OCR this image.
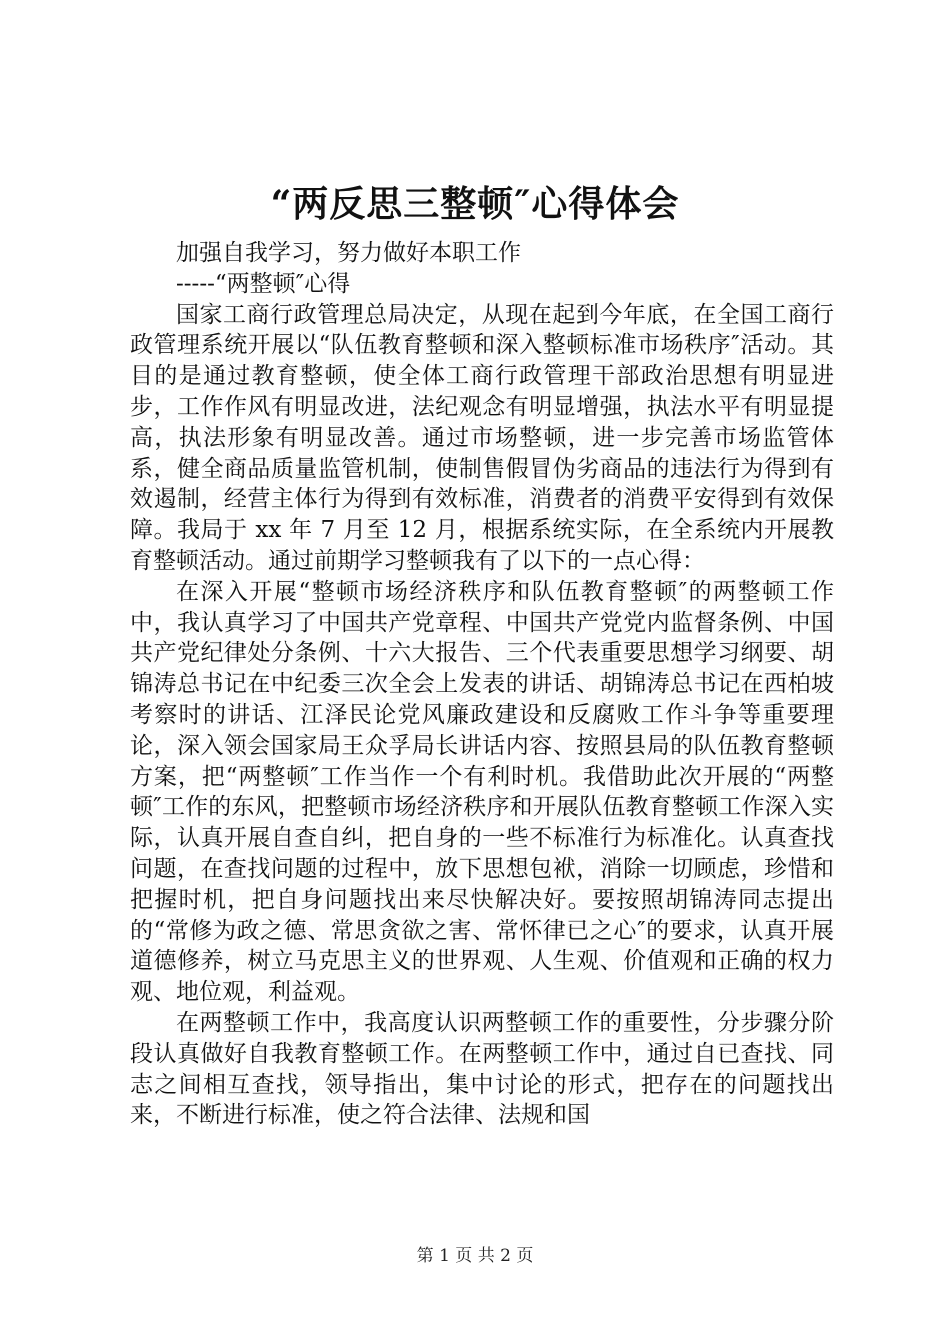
“两反思三整顿″心得体会

加强自我学习，努力做好本职工作

-----“两整顿″心得

国家工商行政管理总局决定，从现在起到今年底，在全国工商行政管理系统开展以“队伍教育整顿和深入整顿标准市场秩序″活动。其目的是通过教育整顿，使全体工商行政管理干部政治思想有明显进步，工作作风有明显改进，法纪观念有明显增强，执法水平有明显提高，执法形象有明显改善。通过市场整顿，进一步完善市场监管体系，健全商品质量监管机制，使制售假冒伪劣商品的违法行为得到有效遏制，经营主体行为得到有效标准，消费者的消费平安得到有效保障。我局于 xx 年 7 月至 12 月，根据系统实际，在全系统内开展教育整顿活动。通过前期学习整顿我有了以下的一点心得：

在深入开展“整顿市场经济秩序和队伍教育整顿″的两整顿工作中，我认真学习了中国共产党章程、中国共产党党内监督条例、中国共产党纪律处分条例、十六大报告、三个代表重要思想学习纲要、胡锦涛总书记在中纪委三次全会上发表的讲话、胡锦涛总书记在西柏坡考察时的讲话、江泽民论党风廉政建设和反腐败工作斗争等重要理论，深入领会国家局王众孚局长讲话内容、按照县局的队伍教育整顿方案，把“两整顿″工作当作一个有利时机。我借助此次开展的“两整顿″工作的东风，把整顿市场经济秩序和开展队伍教育整顿工作深入实际，认真开展自查自纠，把自身的一些不标准行为标准化。认真查找问题，在查找问题的过程中，放下思想包袱，消除一切顾虑，珍惜和把握时机，把自身问题找出来尽快解决好。要按照胡锦涛同志提出的“常修为政之德、常思贪欲之害、常怀律已之心″的要求，认真开展道德修养，树立马克思主义的世界观、人生观、价值观和正确的权力观、地位观，利益观。

在两整顿工作中，我高度认识两整顿工作的重要性，分步骤分阶段认真做好自我教育整顿工作。在两整顿工作中，通过自已查找、同志之间相互查找，领导指出，集中讨论的形式，把存在的问题找出来，不断进行标准，使之符合法律、法规和国

第 1 页 共 2 页
